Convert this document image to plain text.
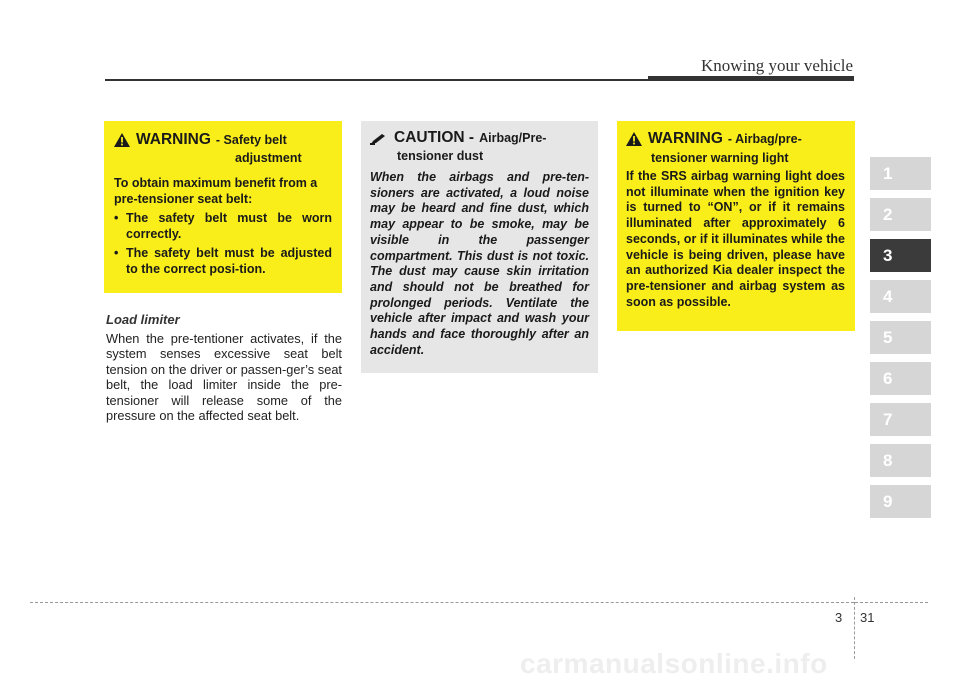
Knowing your vehicle
WARNING - Safety belt
adjustment
To obtain maximum benefit from a pre-tensioner seat belt:
• The safety belt must be worn correctly.
• The safety belt must be adjusted to the correct posi-tion.
Load limiter
When the pre-tentioner activates, if the system senses excessive seat belt tension on the driver or passen-ger’s seat belt, the load limiter inside the pre-tensioner will release some of the pressure on the affected seat belt.
CAUTION - Airbag/Pre-
tensioner dust
When the airbags and pre-ten-sioners are activated, a loud noise may be heard and fine dust, which may appear to be smoke, may be visible in the passenger compartment. This dust is not toxic. The dust may cause skin irritation and should not be breathed for prolonged periods. Ventilate the vehicle after impact and wash your hands and face thoroughly after an accident.
WARNING - Airbag/pre-
tensioner warning light
If the SRS airbag warning light does not illuminate when the ignition key is turned to “ON”, or if it remains illuminated after approximately 6 seconds, or if it illuminates while the vehicle is being driven, please have an authorized Kia dealer inspect the pre-tensioner and airbag system as soon as possible.
1
2
3
4
5
6
7
8
9
3 31
carmanualsonline.info
